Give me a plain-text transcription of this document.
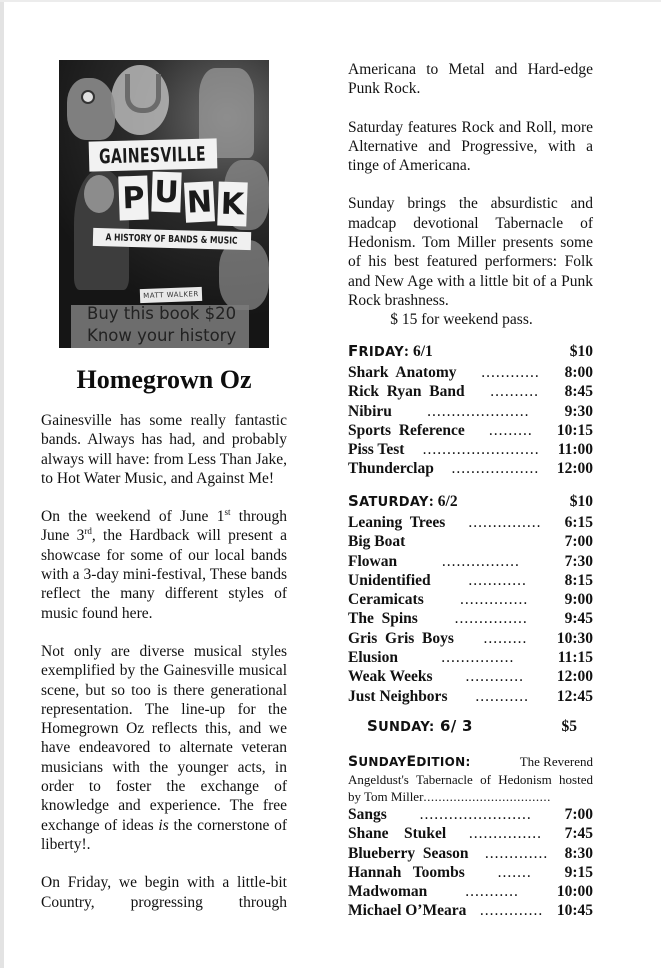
GAINESVILLE
P U N K
A HISTORY OF BANDS & MUSIC
MATT WALKER
Buy this book $20
Know your history
Homegrown Oz

Gainesville has some really fantastic bands. Always has had, and probably always will have: from Less Than Jake, to Hot Water Music, and Against Me!

On the weekend of June 1st through June 3rd, the Hardback will present a showcase for some of our local bands with a 3-day mini-festival, These bands reflect the many different styles of music found here.

Not only are diverse musical styles exemplified by the Gainesville musical scene, but so too is there generational representation. The line-up for the Homegrown Oz reflects this, and we have endeavored to alternate veteran musicians with the younger acts, in order to foster the exchange of knowledge and experience. The free exchange of ideas is the cornerstone of liberty!.

On Friday, we begin with a little-bit Country, progressing through

Americana to Metal and Hard-edge Punk Rock.

Saturday features Rock and Roll, more Alternative and Progressive, with a tinge of Americana.

Sunday brings the absurdistic and madcap devotional Tabernacle of Hedonism. Tom Miller presents some of his best featured performers: Folk and New Age with a little bit of a Punk Rock brashness.

$ 15 for weekend pass.
FRIDAY: 6/1	$10
Shark  Anatomy	............	8:00
Rick  Ryan  Band	..........	8:45
Nibiru	.....................	9:30
Sports  Reference	.........	10:15
Piss Test	........................	11:00
Thunderclap	..................	12:00
SATURDAY: 6/2	$10
Leaning  Trees	...............	6:15
Big Boat	7:00
Flowan	................	7:30
Unidentified	............	8:15
Ceramicats	..............	9:00
The  Spins	...............	9:45
Gris  Gris  Boys	.........	10:30
Elusion	...............	11:15
Weak Weeks	............	12:00
Just Neighbors	...........	12:45
SUNDAY: 6/ 3	$5
SUNDAYEDITION:	The Reverend
Angeldust's Tabernacle of Hedonism hosted
by Tom Miller ..................................
Sangs	.......................	7:00
Shane    Stukel	...............	7:45
Blueberry  Season	.............	8:30
Hannah   Toombs	.......	9:15
Madwoman	...........	10:00
Michael O’Meara ............. 10:45
